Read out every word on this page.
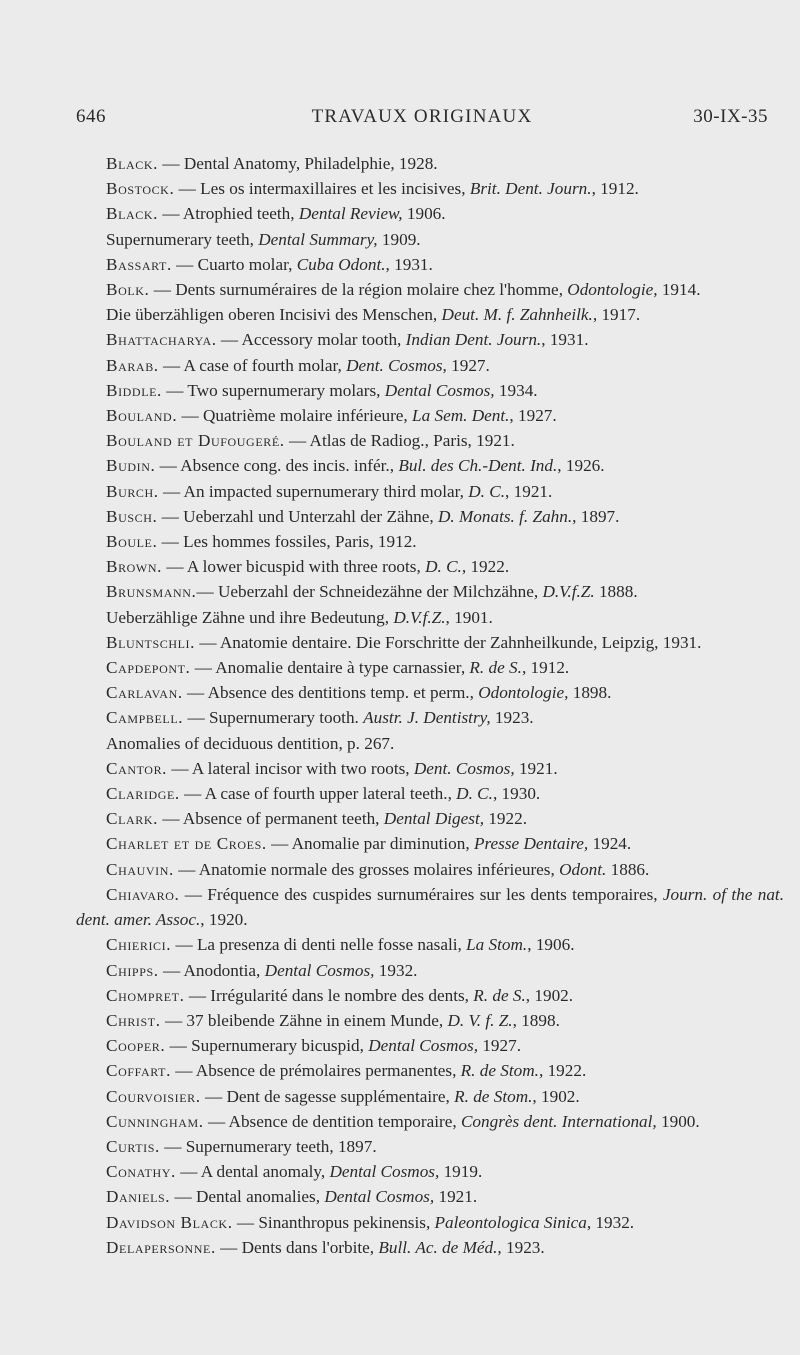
646	TRAVAUX ORIGINAUX	30-IX-35
Black. — Dental Anatomy, Philadelphie, 1928.
Bostock. — Les os intermaxillaires et les incisives, Brit. Dent. Journ., 1912.
Black. — Atrophied teeth, Dental Review, 1906.
Supernumerary teeth, Dental Summary, 1909.
Bassart. — Cuarto molar, Cuba Odont., 1931.
Bolk. — Dents surnuméraires de la région molaire chez l'homme, Odontologie, 1914.
Die überzähligen oberen Incisivi des Menschen, Deut. M. f. Zahnheilk., 1917.
Bhattacharya. — Accessory molar tooth, Indian Dent. Journ., 1931.
Barab. — A case of fourth molar, Dent. Cosmos, 1927.
Biddle. — Two supernumerary molars, Dental Cosmos, 1934.
Bouland. — Quatrième molaire inférieure, La Sem. Dent., 1927.
Bouland et Dufougeré. — Atlas de Radiog., Paris, 1921.
Budin. — Absence cong. des incis. infér., Bul. des Ch.-Dent. Ind., 1926.
Burch. — An impacted supernumerary third molar, D. C., 1921.
Busch. — Ueberzahl und Unterzahl der Zähne, D. Monats. f. Zahn., 1897.
Boule. — Les hommes fossiles, Paris, 1912.
Brown. — A lower bicuspid with three roots, D. C., 1922.
Brunsmann.— Ueberzahl der Schneidezähne der Milchzähne, D.V.f.Z. 1888.
Ueberzählige Zähne und ihre Bedeutung, D.V.f.Z., 1901.
Bluntschli. — Anatomie dentaire. Die Forschritte der Zahnheilkunde, Leipzig, 1931.
Capdepont. — Anomalie dentaire à type carnassier, R. de S., 1912.
Carlavan. — Absence des dentitions temp. et perm., Odontologie, 1898.
Campbell. — Supernumerary tooth. Austr. J. Dentistry, 1923.
Anomalies of deciduous dentition, p. 267.
Cantor. — A lateral incisor with two roots, Dent. Cosmos, 1921.
Claridge. — A case of fourth upper lateral teeth., D. C., 1930.
Clark. — Absence of permanent teeth, Dental Digest, 1922.
Charlet et de Croes. — Anomalie par diminution, Presse Dentaire, 1924.
Chauvin. — Anatomie normale des grosses molaires inférieures, Odont. 1886.
Chiavaro. — Fréquence des cuspides surnuméraires sur les dents temporaires, Journ. of the nat. dent. amer. Assoc., 1920.
Chierici. — La presenza di denti nelle fosse nasali, La Stom., 1906.
Chipps. — Anodontia, Dental Cosmos, 1932.
Chompret. — Irrégularité dans le nombre des dents, R. de S., 1902.
Christ. — 37 bleibende Zähne in einem Munde, D. V. f. Z., 1898.
Cooper. — Supernumerary bicuspid, Dental Cosmos, 1927.
Coffart. — Absence de prémolaires permanentes, R. de Stom., 1922.
Courvoisier. — Dent de sagesse supplémentaire, R. de Stom., 1902.
Cunningham. — Absence de dentition temporaire, Congrès dent. International, 1900.
Curtis. — Supernumerary teeth, 1897.
Conathy. — A dental anomaly, Dental Cosmos, 1919.
Daniels. — Dental anomalies, Dental Cosmos, 1921.
Davidson Black. — Sinanthropus pekinensis, Paleontologica Sinica, 1932.
Delapersonne. — Dents dans l'orbite, Bull. Ac. de Méd., 1923.
